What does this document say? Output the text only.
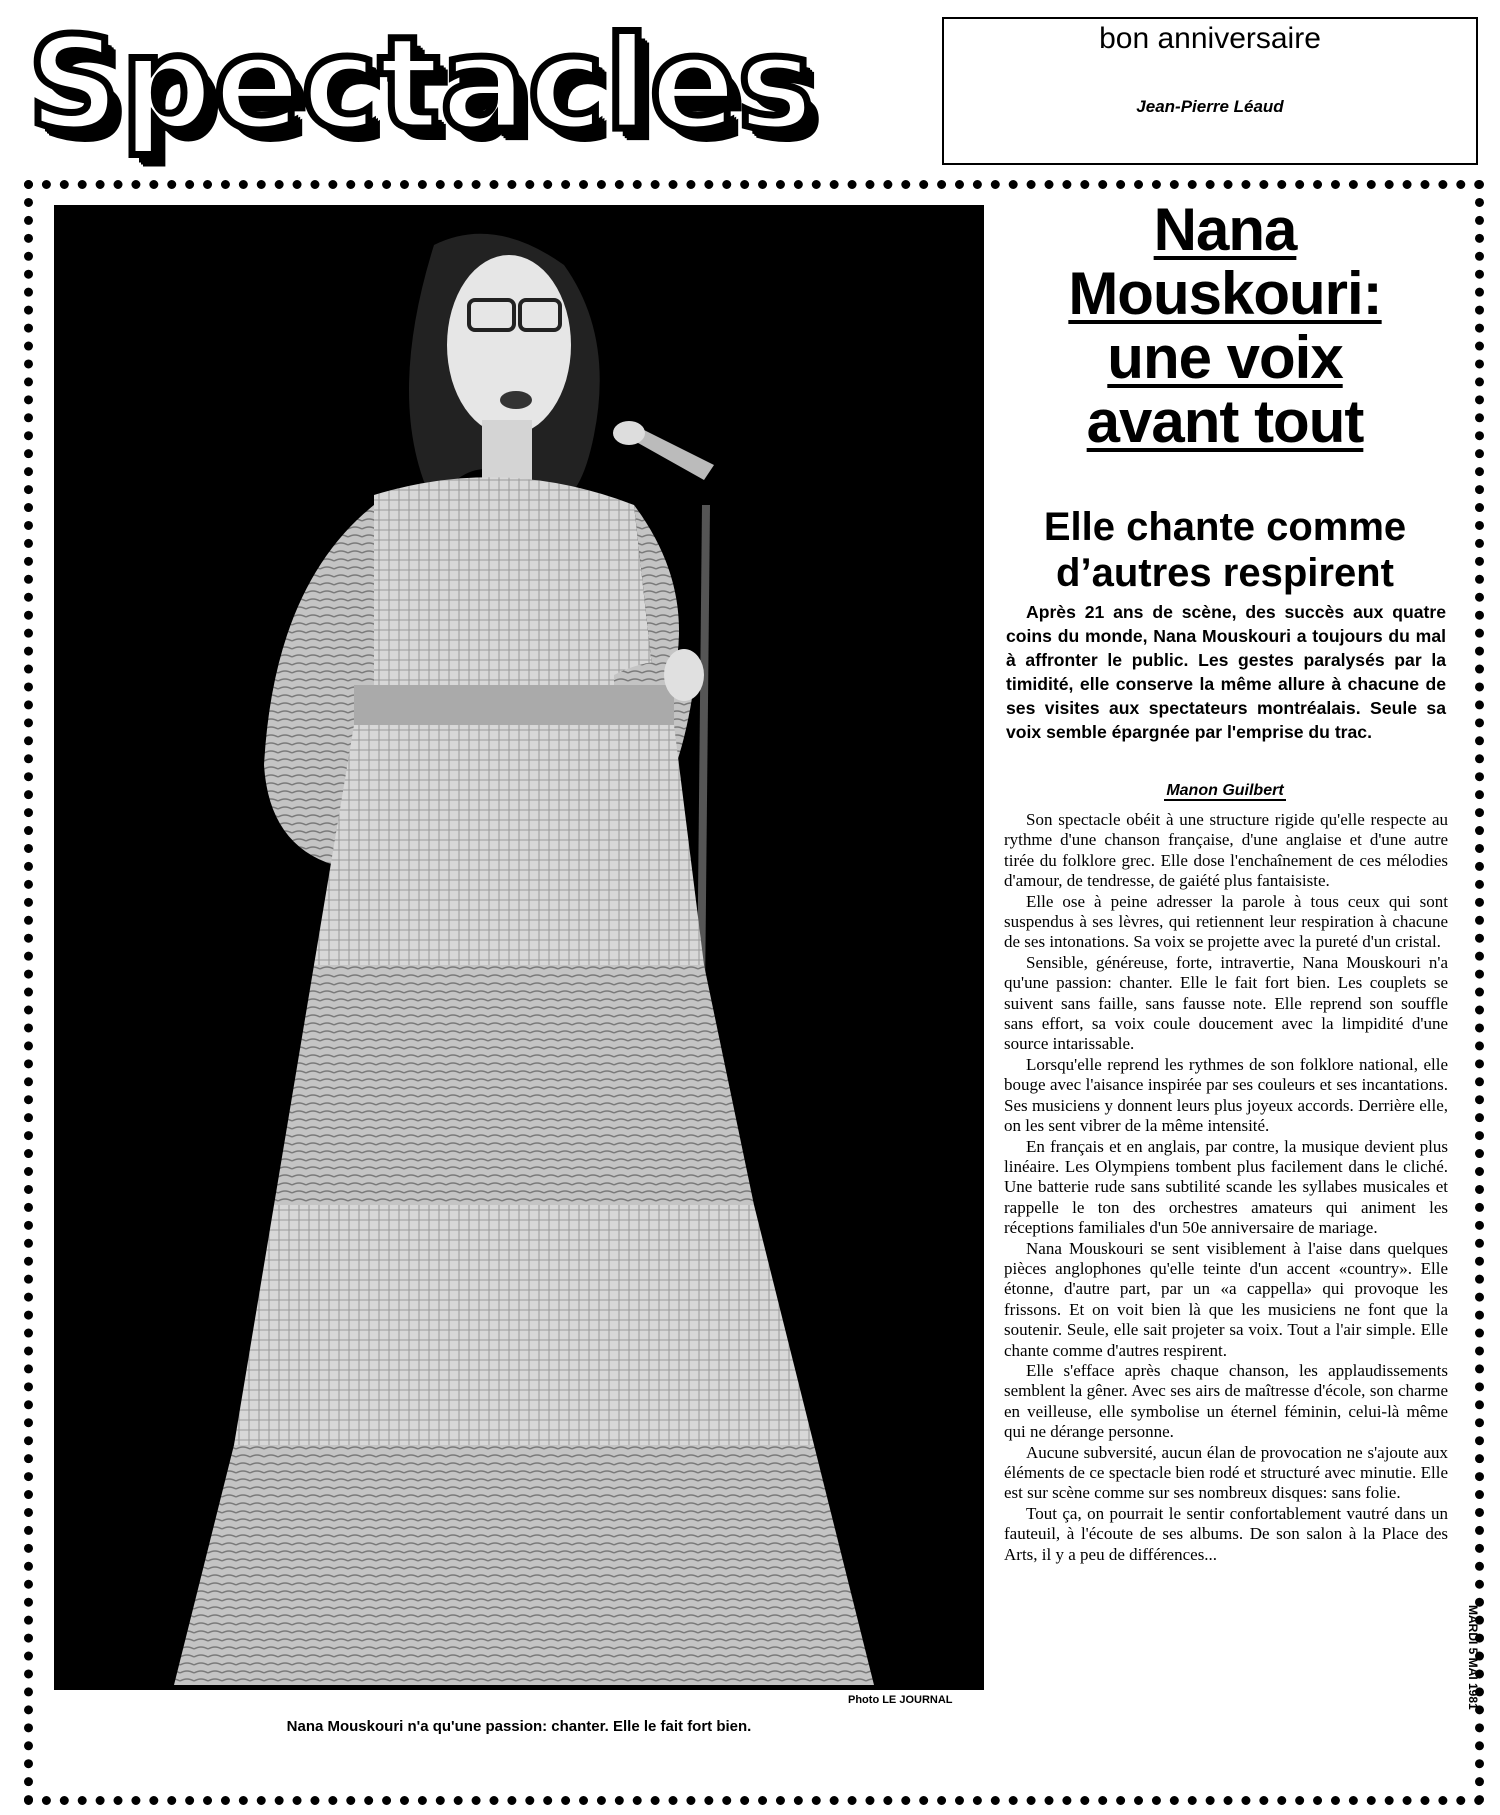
Spectacles	bon anniversaire
Jean-Pierre Léaud
Photo LE JOURNAL
Nana Mouskouri n'a qu'une passion: chanter. Elle le fait fort bien.
Nana
Mouskouri:
une voix
avant tout
Elle chante comme
d’autres respirent

Après 21 ans de scène, des succès aux quatre coins du monde, Nana Mouskouri a toujours du mal à affronter le public. Les gestes paralysés par la timidité, elle conserve la même allure à chacune de ses visites aux spectateurs montréalais. Seule sa voix semble épargnée par l'emprise du trac.

Manon Guilbert

Son spectacle obéit à une structure rigide qu'elle respecte au rythme d'une chanson française, d'une anglaise et d'une autre tirée du folklore grec. Elle dose l'enchaînement de ces mélodies d'amour, de tendresse, de gaiété plus fantaisiste.

Elle ose à peine adresser la parole à tous ceux qui sont suspendus à ses lèvres, qui retiennent leur respiration à chacune de ses intonations. Sa voix se projette avec la pureté d'un cristal.

Sensible, généreuse, forte, intravertie, Nana Mouskouri n'a qu'une passion: chanter. Elle le fait fort bien. Les couplets se suivent sans faille, sans fausse note. Elle reprend son souffle sans effort, sa voix coule doucement avec la limpidité d'une source intarissable.

Lorsqu'elle reprend les rythmes de son folklore national, elle bouge avec l'aisance inspirée par ses couleurs et ses incantations. Ses musiciens y donnent leurs plus joyeux accords. Derrière elle, on les sent vibrer de la même intensité.

En français et en anglais, par contre, la musique devient plus linéaire. Les Olympiens tombent plus facilement dans le cliché. Une batterie rude sans subtilité scande les syllabes musicales et rappelle le ton des orchestres amateurs qui animent les réceptions familiales d'un 50e anniversaire de mariage.

Nana Mouskouri se sent visiblement à l'aise dans quelques pièces anglophones qu'elle teinte d'un accent «country». Elle étonne, d'autre part, par un «a cappella» qui provoque les frissons. Et on voit bien là que les musiciens ne font que la soutenir. Seule, elle sait projeter sa voix. Tout a l'air simple. Elle chante comme d'autres respirent.

Elle s'efface après chaque chanson, les applaudissements semblent la gêner. Avec ses airs de maîtresse d'école, son charme en veilleuse, elle symbolise un éternel féminin, celui-là même qui ne dérange personne.

Aucune subversité, aucun élan de provocation ne s'ajoute aux éléments de ce spectacle bien rodé et structuré avec minutie. Elle est sur scène comme sur ses nombreux disques: sans folie.

Tout ça, on pourrait le sentir confortablement vautré dans un fauteuil, à l'écoute de ses albums. De son salon à la Place des Arts, il y a peu de différences...

MARDI 5 MAI 1981
